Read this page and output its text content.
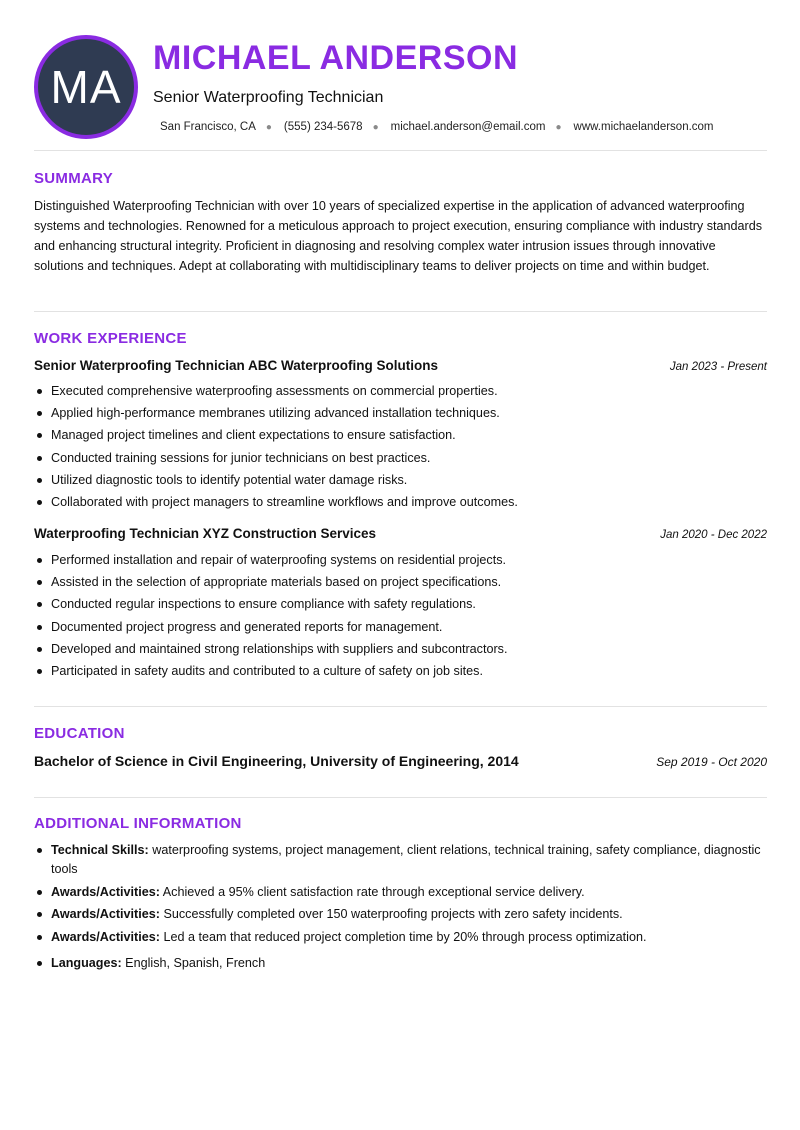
MA
MICHAEL ANDERSON
Senior Waterproofing Technician
San Francisco, CA ● (555) 234-5678 ● michael.anderson@email.com ● www.michaelanderson.com
SUMMARY

Distinguished Waterproofing Technician with over 10 years of specialized expertise in the application of advanced waterproofing systems and technologies. Renowned for a meticulous approach to project execution, ensuring compliance with industry standards and enhancing structural integrity. Proficient in diagnosing and resolving complex water intrusion issues through innovative solutions and techniques. Adept at collaborating with multidisciplinary teams to deliver projects on time and within budget.

WORK EXPERIENCE
Senior Waterproofing Technician ABC Waterproofing Solutions	Jan 2023 - Present
Executed comprehensive waterproofing assessments on commercial properties.
Applied high-performance membranes utilizing advanced installation techniques.
Managed project timelines and client expectations to ensure satisfaction.
Conducted training sessions for junior technicians on best practices.
Utilized diagnostic tools to identify potential water damage risks.
Collaborated with project managers to streamline workflows and improve outcomes.
Waterproofing Technician XYZ Construction Services	Jan 2020 - Dec 2022
Performed installation and repair of waterproofing systems on residential projects.
Assisted in the selection of appropriate materials based on project specifications.
Conducted regular inspections to ensure compliance with safety regulations.
Documented project progress and generated reports for management.
Developed and maintained strong relationships with suppliers and subcontractors.
Participated in safety audits and contributed to a culture of safety on job sites.
EDUCATION
Bachelor of Science in Civil Engineering, University of Engineering, 2014	Sep 2019 - Oct 2020
ADDITIONAL INFORMATION
Technical Skills: waterproofing systems, project management, client relations, technical training, safety compliance, diagnostic tools
Awards/Activities: Achieved a 95% client satisfaction rate through exceptional service delivery.
Awards/Activities: Successfully completed over 150 waterproofing projects with zero safety incidents.
Awards/Activities: Led a team that reduced project completion time by 20% through process optimization.
Languages: English, Spanish, French
